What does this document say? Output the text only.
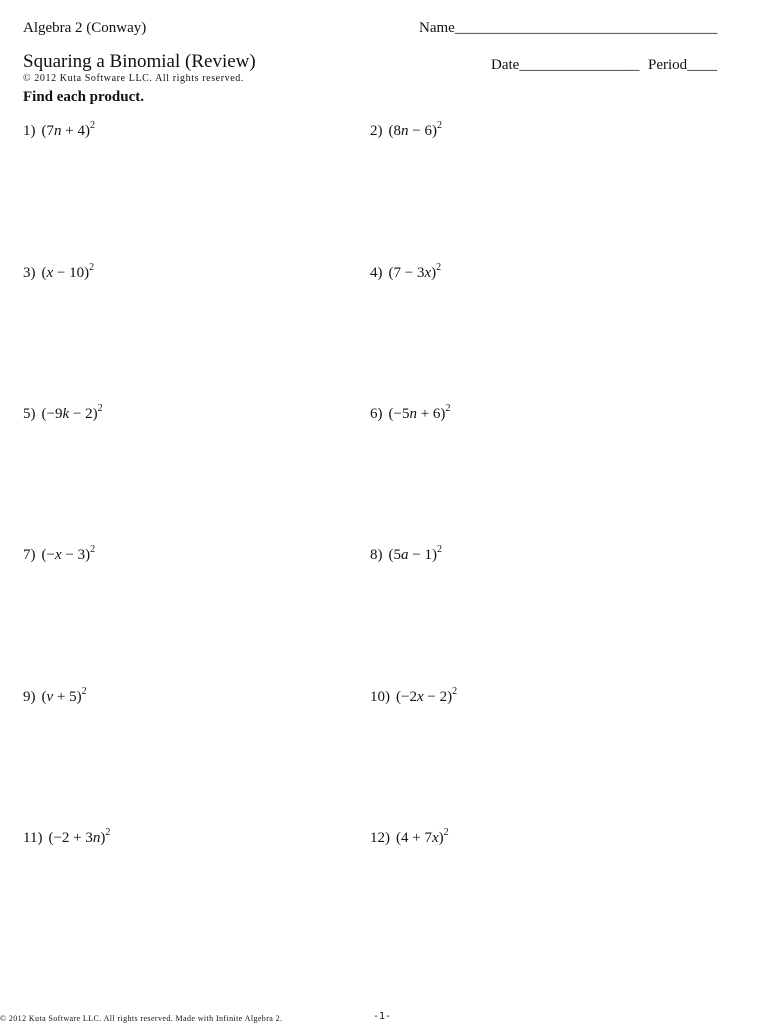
Algebra 2 (Conway)	Name___________________________________
Squaring a Binomial (Review)	Date________________ Period____
© 2012 Kuta Software LLC. All rights reserved.
Find each product.
1) $(7n + 4)^2$	2) $(8n - 6)^2$
3) $(x - 10)^2$	4) $(7 - 3x)^2$
5) $(-9k - 2)^2$	6) $(-5n + 6)^2$
7) $(-x - 3)^2$	8) $(5a - 1)^2$
9) $(v + 5)^2$	10) $(-2x - 2)^2$
11) $(-2 + 3n)^2$	12) $(4 + 7x)^2$
© 2012 Kuta Software LLC. All rights reserved. Made with Infinite Algebra 2.	-1-
